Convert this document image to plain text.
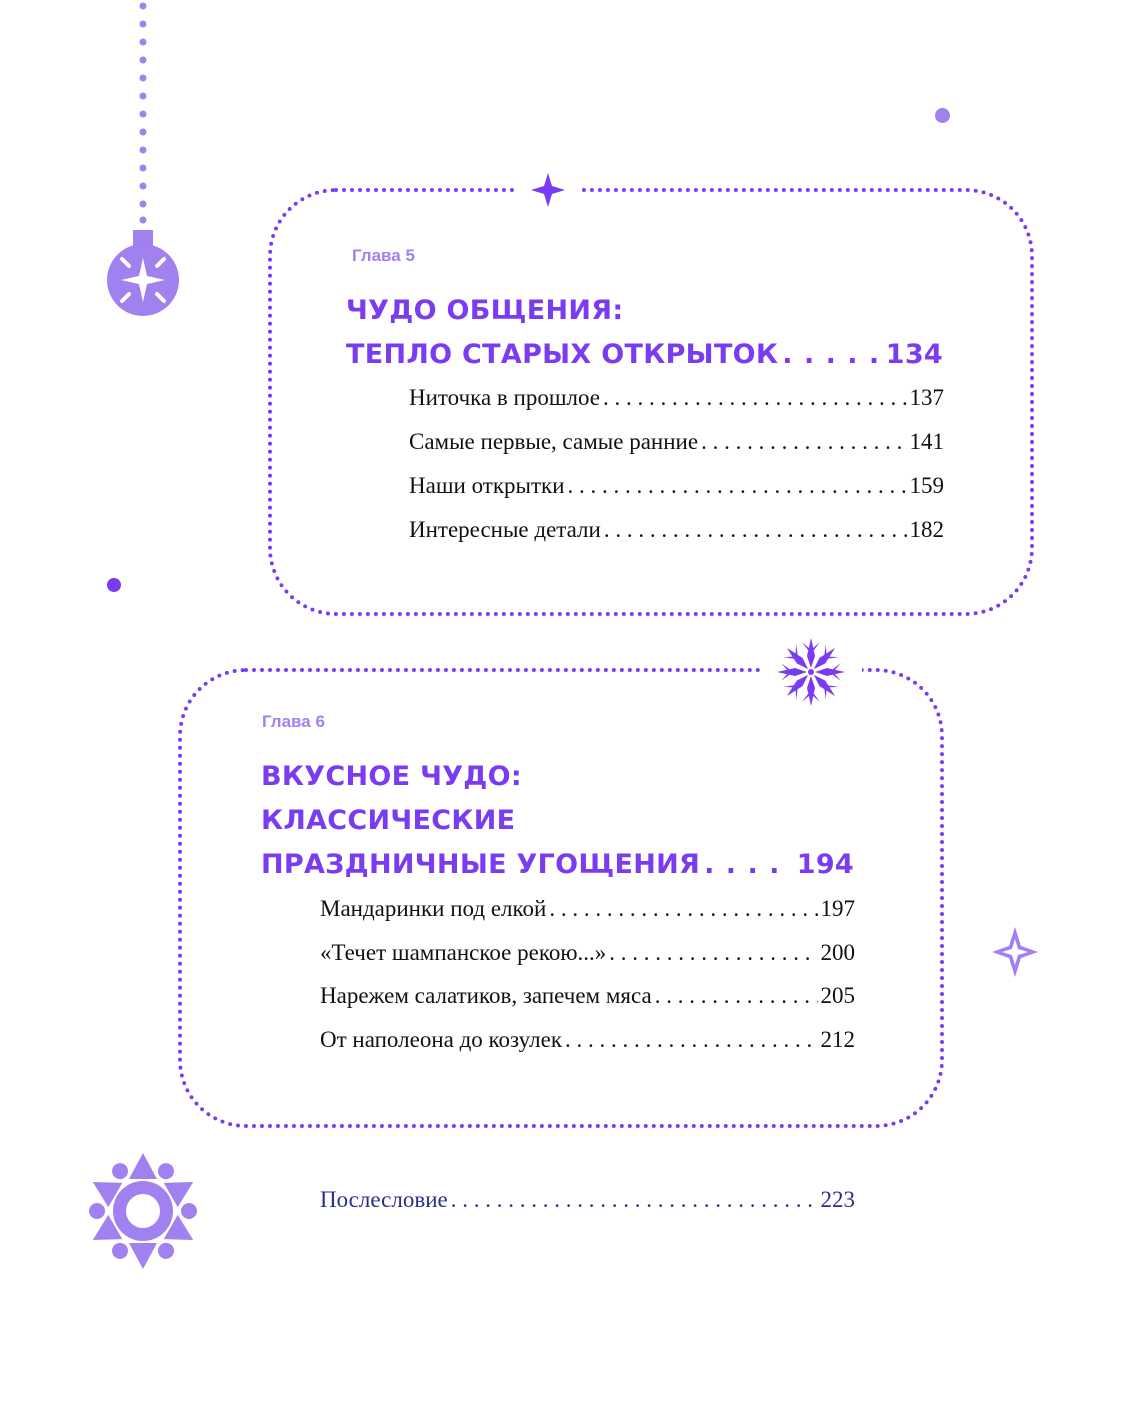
Глава 5
ЧУДО ОБЩЕНИЯ:
ТЕПЛО СТАРЫХ ОТКРЫТОК . . .	134
Ниточка в прошлое . . .	137
Самые первые, самые ранние . . .	141
Наши открытки . . .	159
Интересные детали . . .	182
Глава 6
ВКУСНОЕ ЧУДО:
КЛАССИЧЕСКИЕ
ПРАЗДНИЧНЫЕ УГОЩЕНИЯ . . .	194
Мандаринки под елкой . . .	197
«Течет шампанское рекою...» . . .	200
Нарежем салатиков, запечем мяса . . .	205
От наполеона до козулек . . .	212
Послесловие . . .	223
